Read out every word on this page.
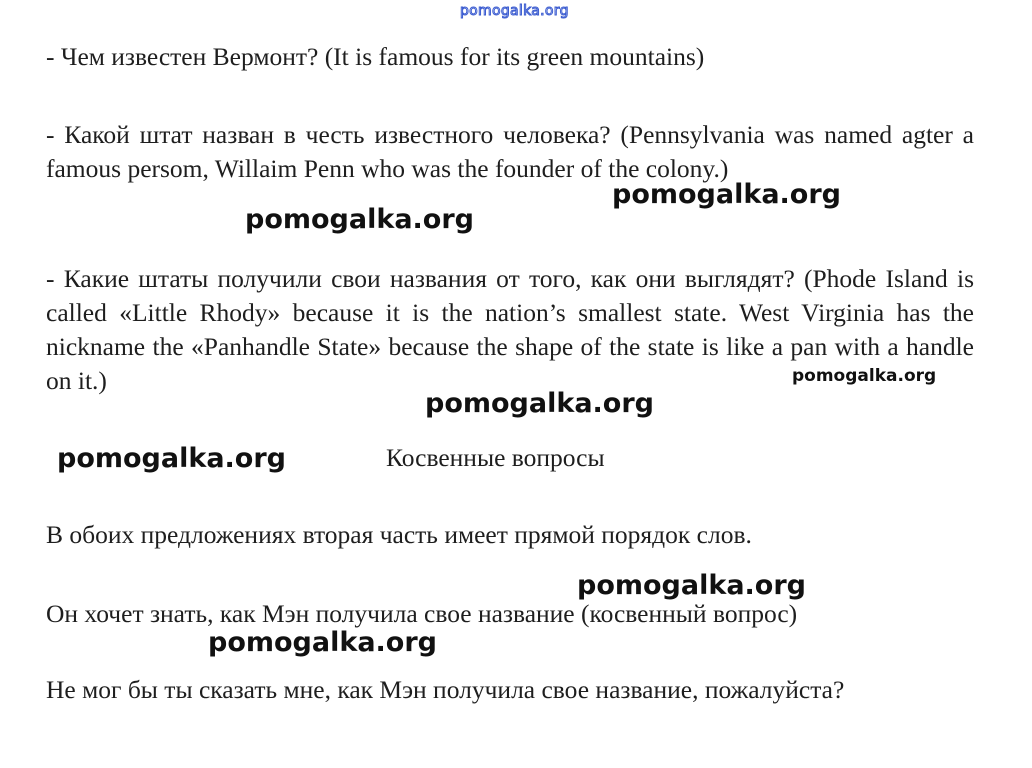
pomogalka.org

- Чем известен Вермонт? (It is famous for its green mountains)

- Какой штат назван в честь известного человека? (Pennsylvania was named agter a famous persom, Willaim Penn who was the founder of the colony.)

pomogalka.org
pomogalka.org

- Какие штаты получили свои названия от того, как они выглядят? (Phode Island is called «Little Rhody» because it is the nation’s smallest state. West Virginia has the nickname the «Panhandle State» because the shape of the state is like a pan with a handle on it.)	pomogalka.org
pomogalka.org
pomogalka.org	Косвенные вопросы

В обоих предложениях вторая часть имеет прямой порядок слов.

pomogalka.org

Он хочет знать, как Мэн получила свое название (косвенный вопрос)

pomogalka.org

Не мог бы ты сказать мне, как Мэн получила свое название, пожалуйста?
